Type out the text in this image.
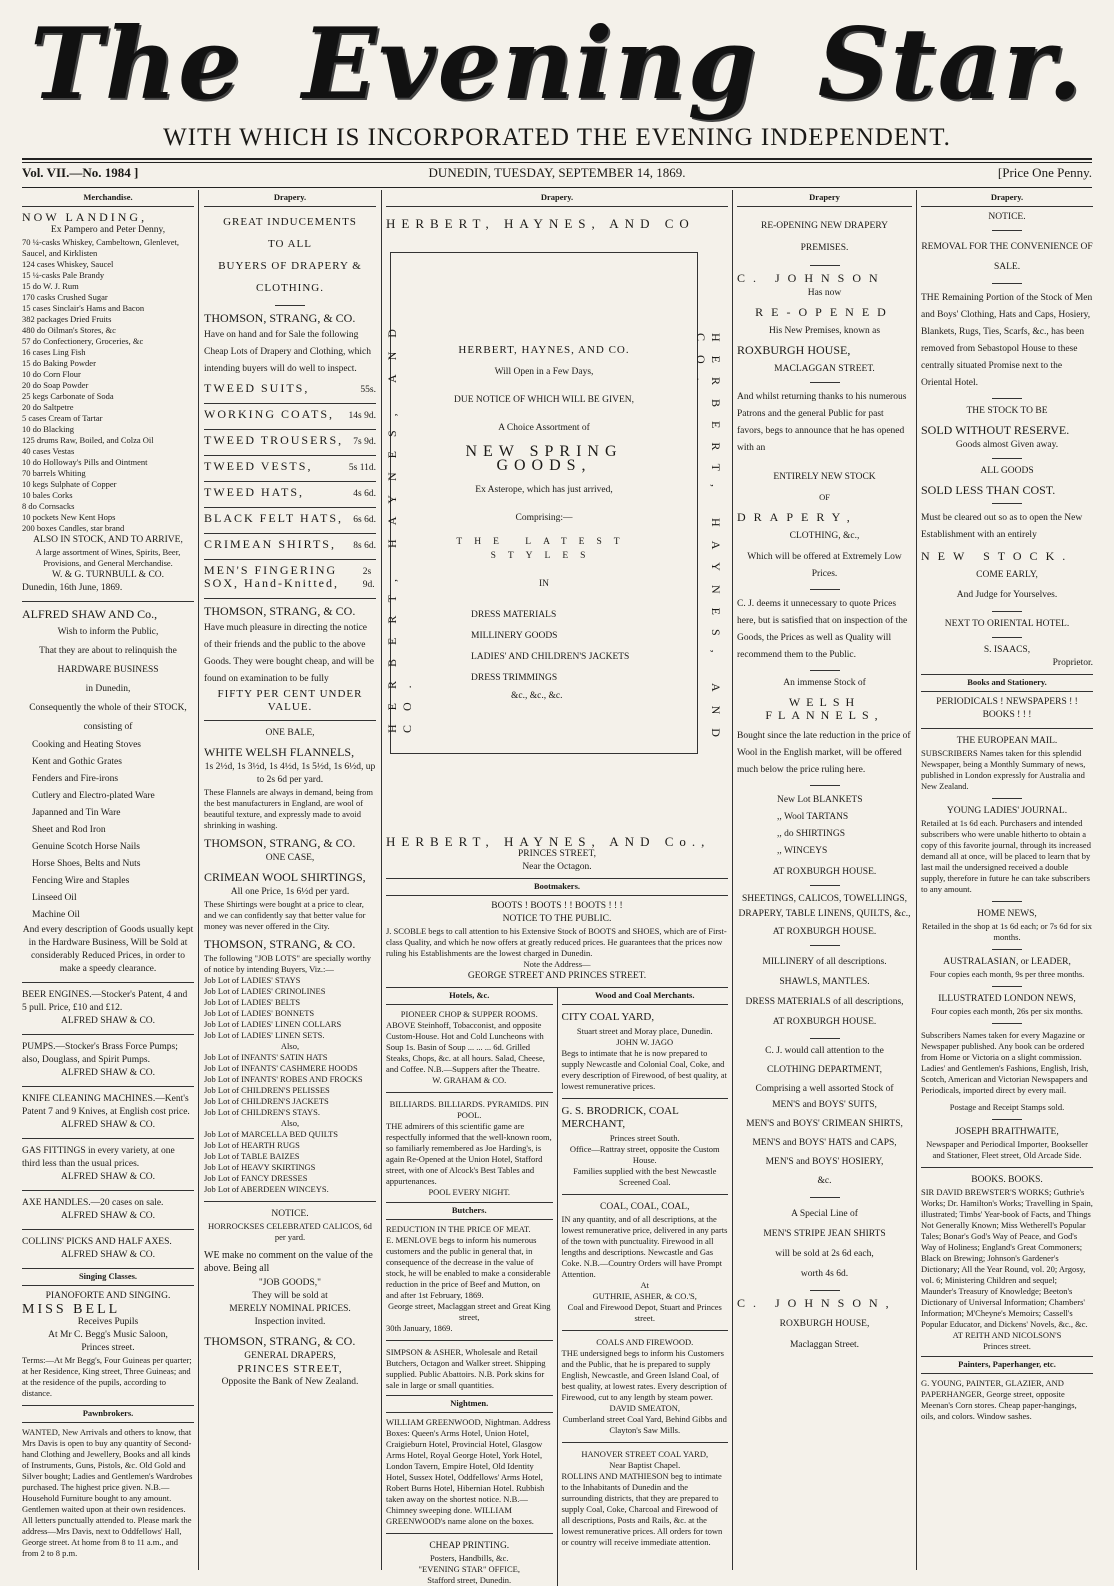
The Evening Star.
WITH WHICH IS INCORPORATED THE EVENING INDEPENDENT.
Vol. VII.—No. 1984 ]	DUNEDIN, TUESDAY, SEPTEMBER 14, 1869.	[Price One Penny.
Merchandise.
NOW LANDING,
Ex Pampero and Peter Denny,
70 ¼-casks Whiskey, Cambeltown, Glenlevet, Saucel, and Kirklisten
124 cases Whiskey, Saucel
15 ¼-casks Pale Brandy
15 do W. J. Rum
170 casks Crushed Sugar
15 cases Sinclair's Hams and Bacon
382 packages Dried Fruits
480 do Oilman's Stores, &c
57 do Confectionery, Groceries, &c
16 cases Ling Fish
15 do Baking Powder
10 do Corn Flour
20 do Soap Powder
25 kegs Carbonate of Soda
20 do Saltpetre
5 cases Cream of Tartar
10 do Blacking
125 drums Raw, Boiled, and Colza Oil
40 cases Vestas
10 do Holloway's Pills and Ointment
70 barrels Whiting
10 kegs Sulphate of Copper
10 bales Corks
8 do Cornsacks
10 pockets New Kent Hops
200 boxes Candles, star brand
ALSO IN STOCK, AND TO ARRIVE,
A large assortment of Wines, Spirits, Beer, Provisions, and General Merchandise.
W. & G. TURNBULL & CO.
Dunedin, 16th June, 1869.
ALFRED SHAW AND Co.,
Wish to inform the Public,
That they are about to relinquish the
HARDWARE BUSINESS
in Dunedin,
Consequently the whole of their STOCK,
consisting of
Cooking and Heating Stoves
Kent and Gothic Grates
Fenders and Fire-irons
Cutlery and Electro-plated Ware
Japanned and Tin Ware
Sheet and Rod Iron
Genuine Scotch Horse Nails
Horse Shoes, Belts and Nuts
Fencing Wire and Staples
Linseed Oil
Machine Oil
And every description of Goods usually kept in the Hardware Business, Will be Sold at considerably Reduced Prices, in order to make a speedy clearance.
BEER ENGINES.—Stocker's Patent, 4 and 5 pull. Price, £10 and £12.
ALFRED SHAW & CO.
PUMPS.—Stocker's Brass Force Pumps; also, Douglass, and Spirit Pumps.
ALFRED SHAW & CO.
KNIFE CLEANING MACHINES.—Kent's Patent 7 and 9 Knives, at English cost price.
ALFRED SHAW & CO.
GAS FITTINGS in every variety, at one third less than the usual prices.
ALFRED SHAW & CO.
AXE HANDLES.—20 cases on sale.
ALFRED SHAW & CO.
COLLINS' PICKS AND HALF AXES.
ALFRED SHAW & CO.
Singing Classes.
PIANOFORTE AND SINGING.
MISS BELL
Receives Pupils
At Mr C. Begg's Music Saloon,
Princes street.
Terms:—At Mr Begg's, Four Guineas per quarter; at her Residence, King street, Three Guineas; and at the residence of the pupils, according to distance.
Pawnbrokers.
WANTED, New Arrivals and others to know, that Mrs Davis is open to buy any quantity of Second-hand Clothing and Jewellery, Books and all kinds of Instruments, Guns, Pistols, &c. Old Gold and Silver bought; Ladies and Gentlemen's Wardrobes purchased. The highest price given. N.B.—Household Furniture bought to any amount. Gentlemen waited upon at their own residences. All letters punctually attended to. Please mark the address—Mrs Davis, next to Oddfellows' Hall, George street. At home from 8 to 11 a.m., and from 2 to 8 p.m.
Drapery.
GREAT INDUCEMENTS
TO ALL
BUYERS OF DRAPERY & CLOTHING.
THOMSON, STRANG, & CO.
Have on hand and for Sale the following Cheap Lots of Drapery and Clothing, which intending buyers will do well to inspect.
TWEED SUITS,	55s.
WORKING COATS, 14s 9d.
TWEED TROUSERS, 7s 9d.
TWEED VESTS,	5s 11d.
TWEED HATS,	4s 6d.
BLACK FELT HATS, 6s 6d.
CRIMEAN SHIRTS, 8s 6d.
MEN'S FINGERING SOX, Hand-Knitted,
2s 9d.
THOMSON, STRANG, & CO.
Have much pleasure in directing the notice of their friends and the public to the above Goods. They were bought cheap, and will be found on examination to be fully
FIFTY PER CENT UNDER VALUE.
ONE BALE,
WHITE WELSH FLANNELS,
1s 2½d, 1s 3½d, 1s 4½d, 1s 5½d, 1s 6½d, up to 2s 6d per yard.
These Flannels are always in demand, being from the best manufacturers in England, are wool of beautiful texture, and expressly made to avoid shrinking in washing.
THOMSON, STRANG, & CO.
ONE CASE,
CRIMEAN WOOL SHIRTINGS,
All one Price, 1s 6½d per yard.
These Shirtings were bought at a price to clear, and we can confidently say that better value for money was never offered in the City.
THOMSON, STRANG, & CO.
The following "JOB LOTS" are specially worthy of notice by intending Buyers, Viz.:—
Job Lot of LADIES' STAYS
Job Lot of LADIES' CRINOLINES
Job Lot of LADIES' BELTS
Job Lot of LADIES' BONNETS
Job Lot of LADIES' LINEN COLLARS
Job Lot of LADIES' LINEN SETS.
Also,
Job Lot of INFANTS' SATIN HATS
Job Lot of INFANTS' CASHMERE HOODS
Job Lot of INFANTS' ROBES AND FROCKS
Job Lot of CHILDREN'S PELISSES
Job Lot of CHILDREN'S JACKETS
Job Lot of CHILDREN'S STAYS.
Also,
Job Lot of MARCELLA BED QUILTS
Job Lot of HEARTH RUGS
Job Lot of TABLE BAIZES
Job Lot of HEAVY SKIRTINGS
Job Lot of FANCY DRESSES
Job Lot of ABERDEEN WINCEYS.
NOTICE.
HORROCKSES CELEBRATED CALICOS, 6d per yard.
WE make no comment on the value of the above. Being all
"JOB GOODS,"
They will be sold at
MERELY NOMINAL PRICES.
Inspection invited.
THOMSON, STRANG, & CO.
GENERAL DRAPERS,
PRINCES STREET,
Opposite the Bank of New Zealand.
Drapery.
HERBERT, HAYNES, AND CO
HERBERT, HAYNES, AND CO.	HERBERT, HAYNES, AND CO.
HERBERT, HAYNES, AND CO.
Will Open in a Few Days,
DUE NOTICE OF WHICH WILL BE GIVEN,
A Choice Assortment of
NEW SPRING GOODS,
Ex Asterope, which has just arrived,
Comprising:—
THE LATEST STYLES
IN
DRESS MATERIALS
MILLINERY GOODS
LADIES' AND CHILDREN'S JACKETS
DRESS TRIMMINGS
&c., &c., &c.
HERBERT, HAYNES, AND Co.,
PRINCES STREET,
Near the Octagon.
Bootmakers.
BOOTS ! BOOTS ! ! BOOTS ! ! !
NOTICE TO THE PUBLIC.
J. SCOBLE begs to call attention to his Extensive Stock of BOOTS and SHOES, which are of First-class Quality, and which he now offers at greatly reduced prices. He guarantees that the prices now ruling his Establishments are the lowest charged in Dunedin.
Note the Address—
GEORGE STREET AND PRINCES STREET.
Hotels, &c.
PIONEER CHOP & SUPPER ROOMS.
ABOVE Steinhoff, Tobacconist, and opposite Custom-House. Hot and Cold Luncheons with Soup 1s. Basin of Soup ... ... ... 6d. Grilled Steaks, Chops, &c. at all hours. Salad, Cheese, and Coffee. N.B.—Suppers after the Theatre.
W. GRAHAM & CO.
BILLIARDS. BILLIARDS. PYRAMIDS. PIN POOL.
THE admirers of this scientific game are respectfully informed that the well-known room, so familiarly remembered as Joe Harding's, is again Re-Opened at the Union Hotel, Stafford street, with one of Alcock's Best Tables and appurtenances.
POOL EVERY NIGHT.
Butchers.
REDUCTION IN THE PRICE OF MEAT.
E. MENLOVE begs to inform his numerous customers and the public in general that, in consequence of the decrease in the value of stock, he will be enabled to make a considerable reduction in the price of Beef and Mutton, on and after 1st February, 1869.
George street, Maclaggan street and Great King street,
30th January, 1869.
SIMPSON & ASHER, Wholesale and Retail Butchers, Octagon and Walker street. Shipping supplied. Public Abattoirs. N.B. Pork skins for sale in large or small quantities.
Nightmen.
WILLIAM GREENWOOD, Nightman. Address Boxes: Queen's Arms Hotel, Union Hotel, Craigieburn Hotel, Provincial Hotel, Glasgow Arms Hotel, Royal George Hotel, York Hotel, London Tavern, Empire Hotel, Old Identity Hotel, Sussex Hotel, Oddfellows' Arms Hotel, Robert Burns Hotel, Hibernian Hotel. Rubbish taken away on the shortest notice. N.B.—Chimney sweeping done. WILLIAM GREENWOOD's name alone on the boxes.
CHEAP PRINTING.
Posters, Handbills, &c.
"EVENING STAR" OFFICE,
Stafford street, Dunedin.
Wood and Coal Merchants.
CITY COAL YARD,
Stuart street and Moray place, Dunedin.
JOHN W. JAGO
Begs to intimate that he is now prepared to supply Newcastle and Colonial Coal, Coke, and every description of Firewood, of best quality, at lowest remunerative prices.
G. S. BRODRICK, COAL MERCHANT,
Princes street South.
Office—Rattray street, opposite the Custom House.
Families supplied with the best Newcastle Screened Coal.
COAL, COAL, COAL,
IN any quantity, and of all descriptions, at the lowest remunerative price, delivered in any parts of the town with punctuality. Firewood in all lengths and descriptions. Newcastle and Gas Coke. N.B.—Country Orders will have Prompt Attention.
At
GUTHRIE, ASHER, & CO.'S,
Coal and Firewood Depot, Stuart and Princes street.
COALS AND FIREWOOD.
THE undersigned begs to inform his Customers and the Public, that he is prepared to supply English, Newcastle, and Green Island Coal, of best quality, at lowest rates. Every description of Firewood, cut to any length by steam power.
DAVID SMEATON,
Cumberland street Coal Yard, Behind Gibbs and Clayton's Saw Mills.
HANOVER STREET COAL YARD,
Near Baptist Chapel.
ROLLINS AND MATHIESON beg to intimate to the Inhabitants of Dunedin and the surrounding districts, that they are prepared to supply Coal, Coke, Charcoal and Firewood of all descriptions, Posts and Rails, &c. at the lowest remunerative prices. All orders for town or country will receive immediate attention.
Drapery
RE-OPENING NEW DRAPERY PREMISES.
C. JOHNSON
Has now
RE-OPENED
His New Premises, known as
ROXBURGH HOUSE,
MACLAGGAN STREET.
And whilst returning thanks to his numerous Patrons and the general Public for past favors, begs to announce that he has opened with an
ENTIRELY NEW STOCK
OF
DRAPERY,
CLOTHING, &c.,
Which will be offered at Extremely Low Prices.
C. J. deems it unnecessary to quote Prices here, but is satisfied that on inspection of the Goods, the Prices as well as Quality will recommend them to the Public.
An immense Stock of
WELSH FLANNELS,
Bought since the late reduction in the price of Wool in the English market, will be offered much below the price ruling here.
New Lot BLANKETS
,, Wool TARTANS
,, do SHIRTINGS
,, WINCEYS
AT ROXBURGH HOUSE.
SHEETINGS, CALICOS, TOWELLINGS, DRAPERY, TABLE LINENS, QUILTS, &c.,
AT ROXBURGH HOUSE.
MILLINERY of all descriptions.
SHAWLS, MANTLES.
DRESS MATERIALS of all descriptions,
AT ROXBURGH HOUSE.
C. J. would call attention to the
CLOTHING DEPARTMENT,
Comprising a well assorted Stock of
MEN'S and BOYS' SUITS,
MEN'S and BOYS' CRIMEAN SHIRTS,
MEN'S and BOYS' HATS and CAPS,
MEN'S and BOYS' HOSIERY,
&c.
A Special Line of
MEN'S STRIPE JEAN SHIRTS
will be sold at 2s 6d each,
worth 4s 6d.
C. JOHNSON,
ROXBURGH HOUSE,
Maclaggan Street.
Drapery.
NOTICE.
REMOVAL FOR THE CONVENIENCE OF SALE.
THE Remaining Portion of the Stock of Men and Boys' Clothing, Hats and Caps, Hosiery, Blankets, Rugs, Ties, Scarfs, &c., has been removed from Sebastopol House to these centrally situated Promise next to the Oriental Hotel.
THE STOCK TO BE
SOLD WITHOUT RESERVE.
Goods almost Given away.
ALL GOODS
SOLD LESS THAN COST.
Must be cleared out so as to open the New Establishment with an entirely
NEW STOCK.
COME EARLY,
And Judge for Yourselves.
NEXT TO ORIENTAL HOTEL.
S. ISAACS,
Proprietor.
Books and Stationery.
PERIODICALS ! NEWSPAPERS ! ! BOOKS ! ! !
THE EUROPEAN MAIL.
SUBSCRIBERS Names taken for this splendid Newspaper, being a Monthly Summary of news, published in London expressly for Australia and New Zealand.
YOUNG LADIES' JOURNAL.
Retailed at 1s 6d each. Purchasers and intended subscribers who were unable hitherto to obtain a copy of this favorite journal, through its increased demand all at once, will be placed to learn that by last mail the undersigned received a double supply, therefore in future he can take subscribers to any amount.
HOME NEWS,
Retailed in the shop at 1s 6d each; or 7s 6d for six months.
AUSTRALASIAN, or LEADER,
Four copies each month, 9s per three months.
ILLUSTRATED LONDON NEWS,
Four copies each month, 26s per six months.
Subscribers Names taken for every Magazine or Newspaper published. Any book can be ordered from Home or Victoria on a slight commission. Ladies' and Gentlemen's Fashions, English, Irish, Scotch, American and Victorian Newspapers and Periodicals, imported direct by every mail.
Postage and Receipt Stamps sold.
JOSEPH BRAITHWAITE,
Newspaper and Periodical Importer, Bookseller and Stationer, Fleet street, Old Arcade Side.
BOOKS. BOOKS.
SIR DAVID BREWSTER'S WORKS; Guthrie's Works; Dr. Hamilton's Works; Travelling in Spain, illustrated; Timbs' Year-book of Facts, and Things Not Generally Known; Miss Wetherell's Popular Tales; Bonar's God's Way of Peace, and God's Way of Holiness; England's Great Commoners; Black on Brewing; Johnson's Gardener's Dictionary; All the Year Round, vol. 20; Argosy, vol. 6; Ministering Children and sequel; Maunder's Treasury of Knowledge; Beeton's Dictionary of Universal Information; Chambers' Information; M'Cheyne's Memoirs; Cassell's Popular Educator, and Dickens' Novels, &c., &c.
AT REITH AND NICOLSON'S
Princes street.
Painters, Paperhanger, etc.
G. YOUNG, PAINTER, GLAZIER, AND PAPERHANGER, George street, opposite Meenan's Corn stores. Cheap paper-hangings, oils, and colors. Window sashes.
